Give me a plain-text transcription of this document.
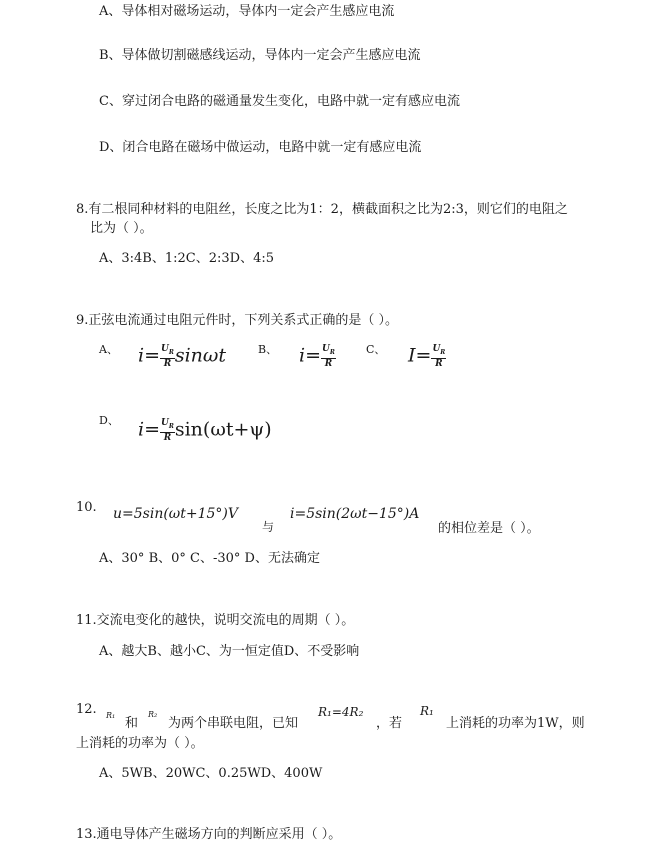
A、导体相对磁场运动，导体内一定会产生感应电流
B、导体做切割磁感线运动，导体内一定会产生感应电流
C、穿过闭合电路的磁通量发生变化，电路中就一定有感应电流
D、闭合电路在磁场中做运动，电路中就一定有感应电流
8.有二根同种材料的电阻丝，长度之比为1：2，横截面积之比为2:3，则它们的电阻之
比为（ ）。
A、3:4B、1:2C、2:3D、4:5
9.正弦电流通过电阻元件时，下列关系式正确的是（ ）。
A、 $i= \frac{U_R}{R}$ sinωt	B、 $i= \frac{U_R}{R}$	C、 $I= \frac{U_R}{R}$
D、 $i= \frac{U_R}{R} \sin(\omega t+\psi)$
10. u=5sin(ωt+15°)V
与
i=5sin(2ωt−15°)A
的相位差是（ ）。
A、30° B、0° C、-30° D、无法确定
11.交流电变化的越快，说明交流电的周期（ ）。
A、越大B、越小C、为一恒定值D、不受影响
12. R₁
和
R₂
为两个串联电阻，已知
R₁=4R₂
，若
R₁
上消耗的功率为1W，则
上消耗的功率为（ ）。
A、5WB、20WC、0.25WD、400W
13.通电导体产生磁场方向的判断应采用（ ）。
